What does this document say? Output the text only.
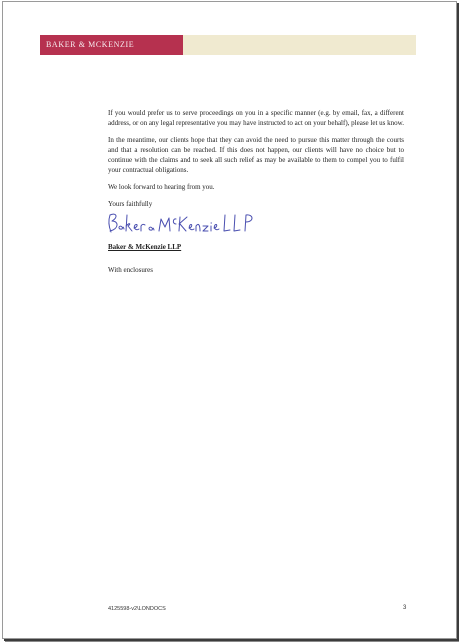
BAKER & MCKENZIE

If you would prefer us to serve proceedings on you in a specific manner (e.g. by email, fax, a different address, or on any legal representative you may have instructed to act on your behalf), please let us know.

In the meantime, our clients hope that they can avoid the need to pursue this matter through the courts and that a resolution can be reached. If this does not happen, our clients will have no choice but to continue with the claims and to seek all such relief as may be available to them to compel you to fulfil your contractual obligations.

We look forward to hearing from you.

Yours faithfully

Baker & McKenzie LLP

With enclosures

4125598-v2\LONDOCS	3
